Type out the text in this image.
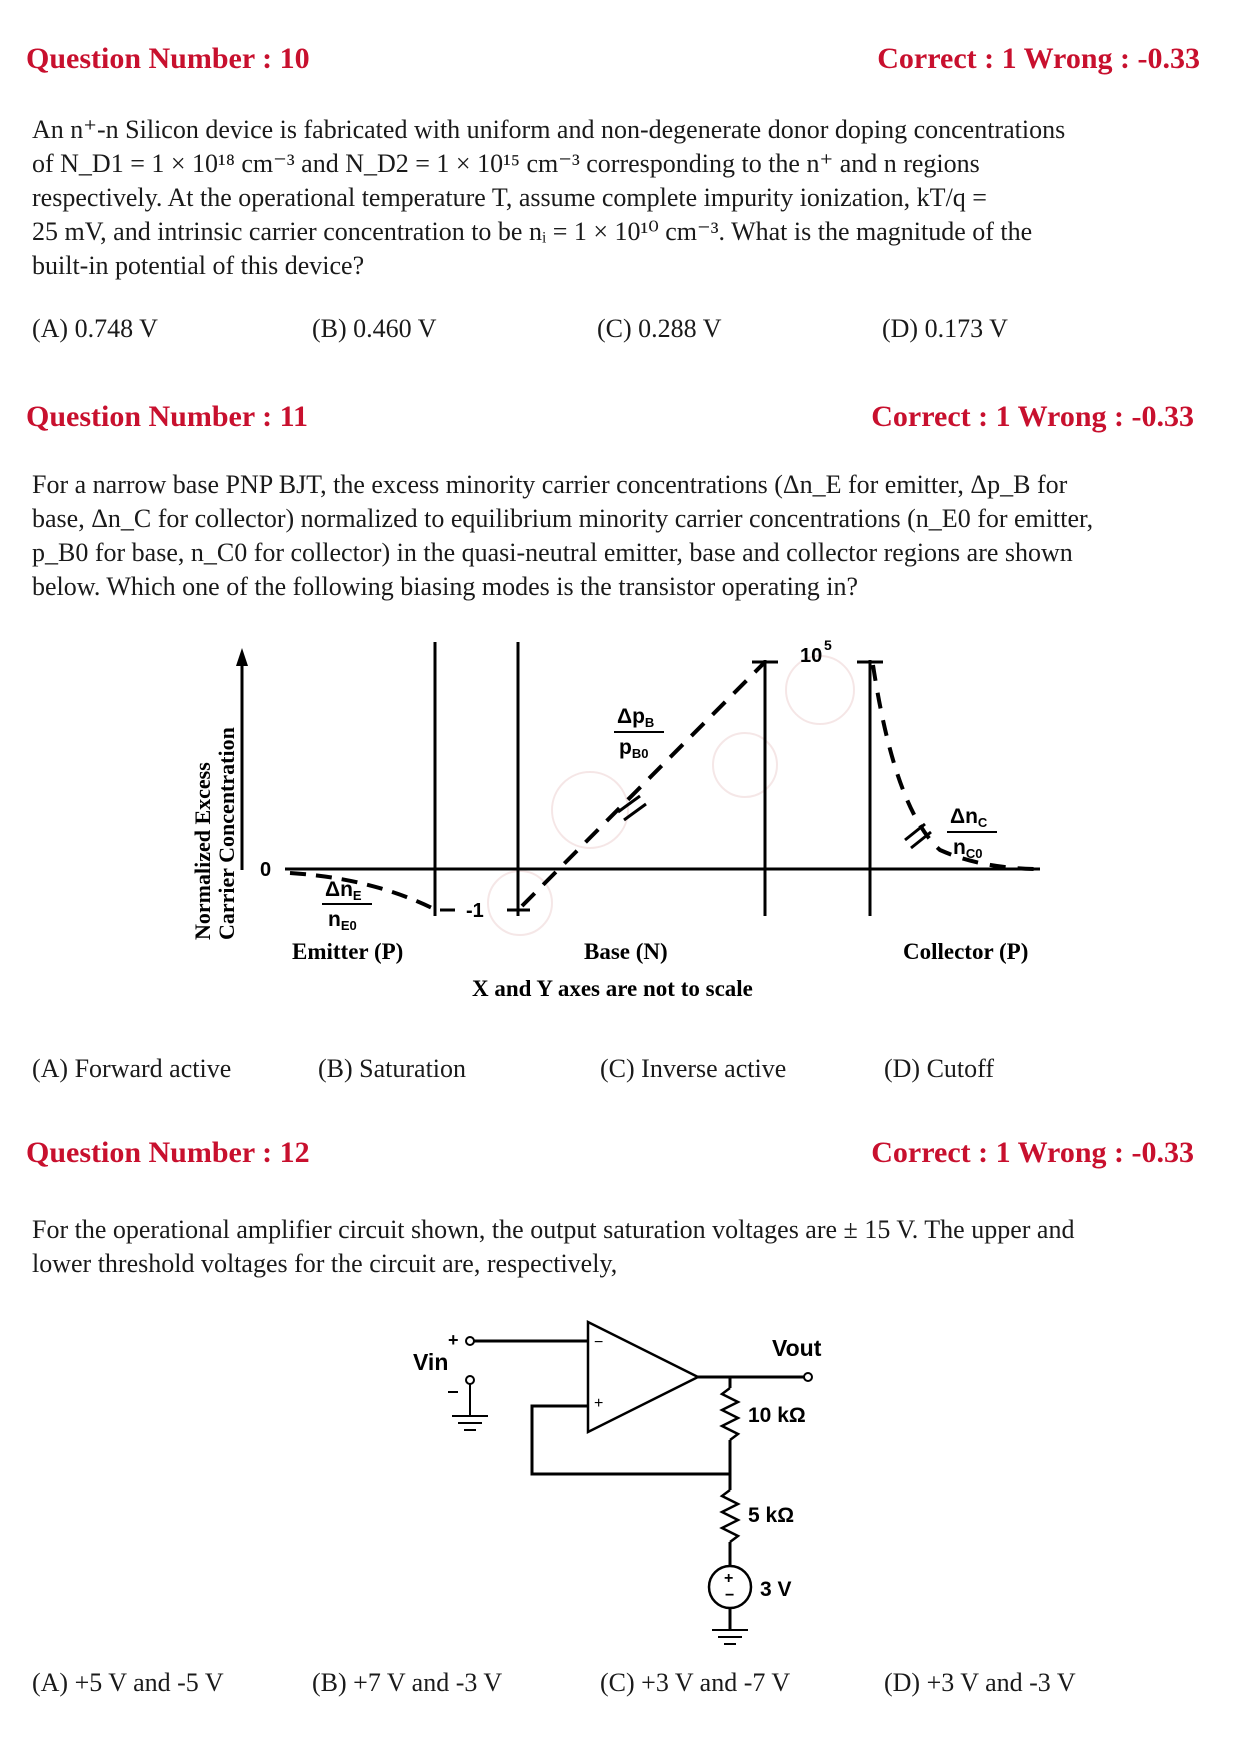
Question Number : 10	Correct : 1 Wrong : -0.33
An n⁺-n Silicon device is fabricated with uniform and non-degenerate donor doping concentrations
of N_D1 = 1 × 10¹⁸ cm⁻³ and N_D2 = 1 × 10¹⁵ cm⁻³ corresponding to the n⁺ and n regions
respectively. At the operational temperature T, assume complete impurity ionization, kT/q =
25 mV, and intrinsic carrier concentration to be nᵢ = 1 × 10¹⁰ cm⁻³. What is the magnitude of the
built-in potential of this device?
(A) 0.748 V	(B) 0.460 V	(C) 0.288 V	(D) 0.173 V
Question Number : 11	Correct : 1 Wrong : -0.33
For a narrow base PNP BJT, the excess minority carrier concentrations (Δn_E for emitter, Δp_B for
base, Δn_C for collector) normalized to equilibrium minority carrier concentrations (n_E0 for emitter,
p_B0 for base, n_C0 for collector) in the quasi-neutral emitter, base and collector regions are shown
below. Which one of the following biasing modes is the transistor operating in?
Normalized Excess Carrier Concentration 0
-1
10 5
ΔnE
nE0
ΔpB
pB0
ΔnC
nC0
Emitter (P)	Base (N)	Collector (P)
X and Y axes are not to scale
(A) Forward active	(B) Saturation	(C) Inverse active	(D) Cutoff
Question Number : 12	Correct : 1 Wrong : -0.33
For the operational amplifier circuit shown, the output saturation voltages are ± 15 V. The upper and
lower threshold voltages for the circuit are, respectively,
Vin
+	−
+
Vout
10 kΩ
5 kΩ
+
− 3 V
(A) +5 V and -5 V	(B) +7 V and -3 V	(C) +3 V and -7 V	(D) +3 V and -3 V
